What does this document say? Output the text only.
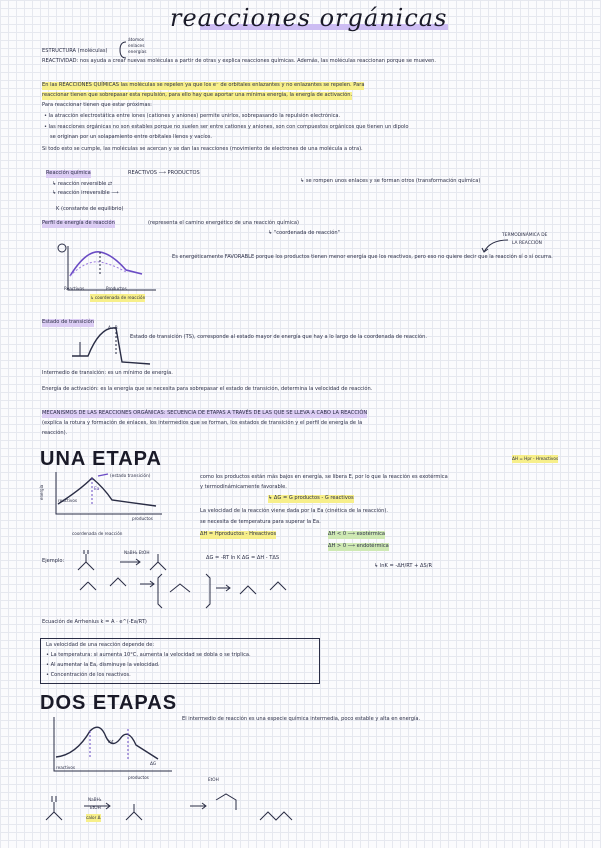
reacciones orgánicas
ESTRUCTURA (moléculas)
átomos
enlaces
energías
REACTIVIDAD: nos ayuda a crear nuevas moléculas a partir de otras y explica reacciones químicas. Además, las moléculas reaccionan porque se mueven.
En las REACCIONES QUÍMICAS las moléculas se repelen ya que los e⁻ de orbitales enlazantes y no enlazantes se repelen. Para
reaccionar tienen que sobrepasar esta repulsión, para ello hay que aportar una mínima energía, la energía de activación.
Para reaccionar tienen que estar próximas:
• la atracción electrostática entre iones (cationes y aniones) permite unirlos, sobrepasando la repulsión electrónica.
• las reacciones orgánicas no son estables porque no suelen ser entre cationes y aniones, son con compuestos orgánicos que tienen un dipolo
se originan por un solapamiento entre orbitales llenos y vacíos.
Si todo esto se cumple, las moléculas se acercan y se dan las reacciones (movimiento de electrones de una molécula a otra).
Reacción química	REACTIVOS ⟶ PRODUCTOS
↳ se rompen unos enlaces y se forman otros (transformación química)
↳ reacción reversible ⇄
↳ reacción irreversible ⟶
K (constante de equilibrio)
Perfil de energía de reacción	(representa el camino energético de una reacción química)
↳ "coordenada de reacción"	TERMODINÁMICA DE
LA REACCIÓN
Reactivos	Productos
↳ coordenada de reacción
Es energéticamente FAVORABLE porque los productos tienen menor energía que los reactivos, pero eso no quiere decir que la reacción sí o sí ocurra.
Estado de transición
A...B
Estado de transición (TS), corresponde al estado mayor de energía que hay a lo largo de la coordenada de reacción.
Intermedio de transición: es un mínimo de energía.
Energía de activación: es la energía que se necesita para sobrepasar el estado de transición, determina la velocidad de reacción.
MECANISMOS DE LAS REACCIONES ORGÁNICAS: SECUENCIA DE ETAPAS A TRAVÉS DE LAS QUE SE LLEVA A CABO LA REACCIÓN
(explica la rotura y formación de enlaces, los intermedios que se forman, los estados de transición y el perfil de energía de la
reacción).
UNA ETAPA	ΔH = Hpr - Hreactivos
(estado transición)
Ea
energía
reactivos
productos
coordenada de reacción
como los productos están más bajos en energía, se libera E, por lo que la reacción es exotérmica
y termodinámicamente favorable.
↳ ΔG = G productos - G reactivos
La velocidad de la reacción viene dada por la Ea (cinética de la reacción).
se necesita de temperatura para superar la Ea.
ΔH = Hproductos - Hreactivos	ΔH < 0 ⟶ exotérmica
ΔH > 0 ⟶ endotérmica
ΔG = -RT ln K ΔG = ΔH - TΔS
↳ lnK = -ΔH/RT + ΔS/R
Ejemplo:
NaBH₄ EtOH
Ecuación de Arrhenius k = A · e^(-Ea/RT)
La velocidad de una reacción depende de:
• La temperatura: si aumenta 10°C, aumenta la velocidad se dobla o se triplica.
• Al aumentar la Ea, disminuye la velocidad.
• Concentración de los reactivos.
DOS ETAPAS
El intermedio de reacción es una especie química intermedia, poco estable y alta en energía.
int
reactivos
productos
ΔG
NaBH₄
EtOH
calor Δ
EtOH
